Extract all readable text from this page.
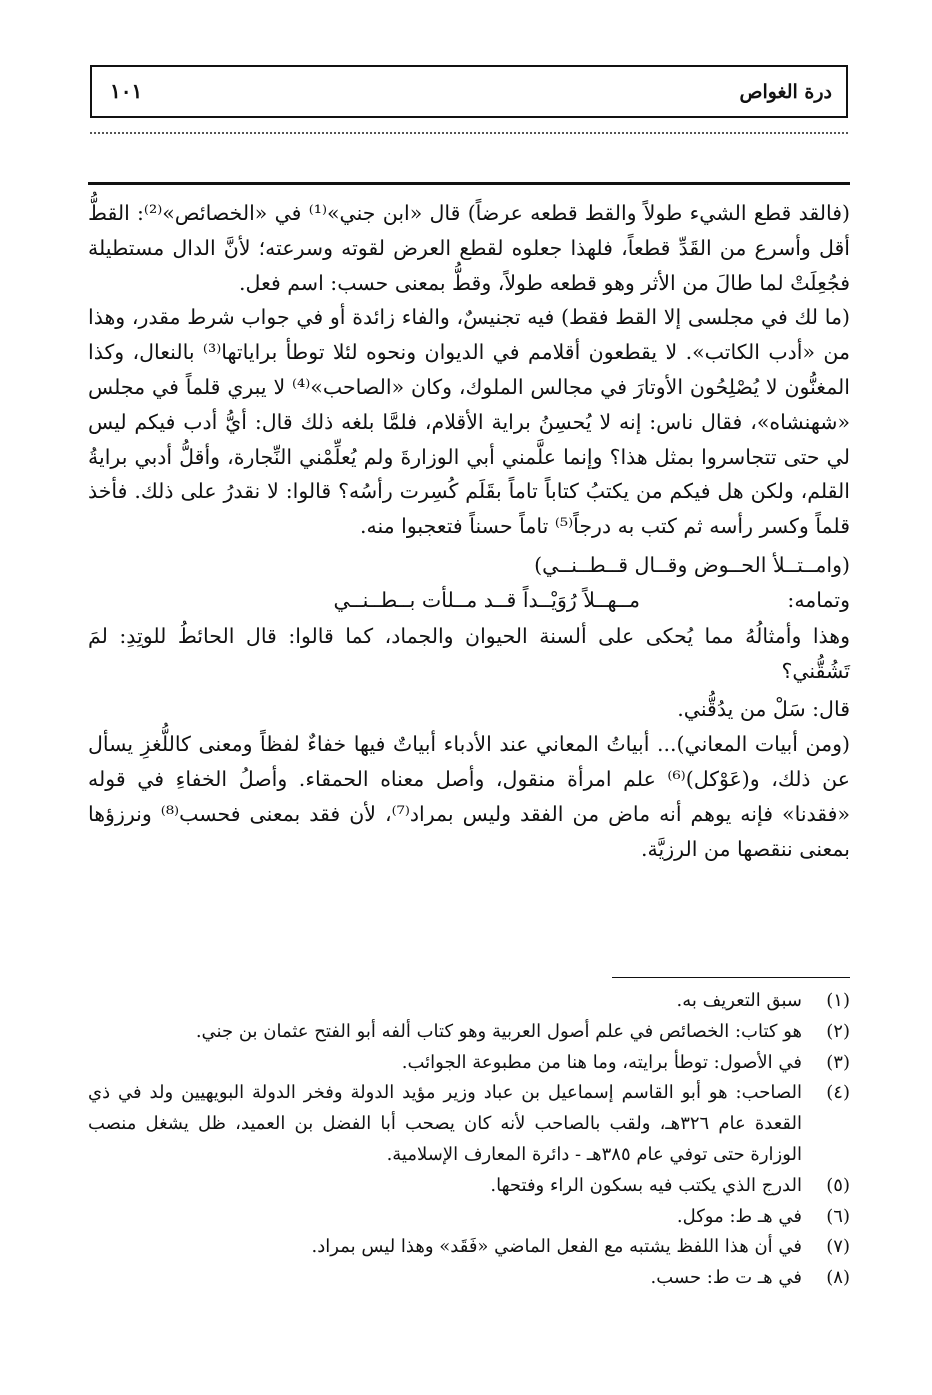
درة الغواص
١٠١

(فالقد قطع الشيء طولاً والقط قطعه عرضاً) قال «ابن جني»⁽¹⁾ في «الخصائص»⁽²⁾: القطُّ أقل وأسرع من القَدِّ قطعاً، فلهذا جعلوه لقطع العرض لقوته وسرعته؛ لأنَّ الدال مستطيلة فجُعِلَتْ لما طالَ من الأثر وهو قطعه طولاً، وقطُّ بمعنى حسب: اسم فعل.

(ما لك في مجلسى إلا القط فقط) فيه تجنيسٌ، والفاء زائدة أو في جواب شرط مقدر، وهذا من «أدب الكاتب». لا يقطعون أقلامم في الديوان ونحوه لئلا توطأ براياتها⁽³⁾ بالنعال، وكذا المغنُّون لا يُصْلِحُون الأوتارَ في مجالس الملوك، وكان «الصاحب»⁽⁴⁾ لا يبري قلماً في مجلس «شهنشاه»، فقال ناس: إنه لا يُحسِنُ براية الأقلام، فلمَّا بلغه ذلك قال: أيُّ أدب فيكم ليس لي حتى تتجاسروا بمثل هذا؟ وإنما علَّمني أبي الوزارةَ ولم يُعلِّمْني النِّجارة، وأقلُّ أدبي برايةُ القلم، ولكن هل فيكم من يكتبُ كتاباً تاماً بقَلَم كُسِرت رأسُه؟ قالوا: لا نقدرُ على ذلك. فأخذ قلماً وكسر رأسه ثم كتب به درجاً⁽⁵⁾ تاماً حسناً فتعجبوا منه.

(وامــتــلأ الحــوض وقــال قــطــنــي)

وتمامه:
مــهــلاً رُوَيْــداً قــد مــلأت بــطــنــي

وهذا وأمثالُهُ مما يُحكى على ألسنة الحيوان والجماد، كما قالوا: قال الحائطُ للوتِدِ: لمَ تَشُقُّني؟

قال: سَلْ من يدُقُّني.

(ومن أبيات المعاني)... أبياتُ المعاني عند الأدباء أبياتٌ فيها خفاءٌ لفظاً ومعنى كاللُّغزِ يسأل عن ذلك، و(عَوْكل)⁽⁶⁾ علم امرأة منقول، وأصل معناه الحمقاء. وأصلُ الخفاءِ في قوله «فقدنا» فإنه يوهم أنه ماض من الفقد وليس بمراد⁽⁷⁾، لأن فقد بمعنى فحسب⁽⁸⁾ ونرزؤها بمعنى ننقصها من الرزيَّة.

(١)
سبق التعريف به.
(٢)
هو كتاب: الخصائص في علم أصول العربية وهو كتاب ألفه أبو الفتح عثمان بن جني.
(٣)
في الأصول: توطأ برايته، وما هنا من مطبوعة الجوائب.
(٤)
الصاحب: هو أبو القاسم إسماعيل بن عباد وزير مؤيد الدولة وفخر الدولة البويهيين ولد في ذي القعدة عام ٣٢٦هـ، ولقب بالصاحب لأنه كان يصحب أبا الفضل بن العميد، ظل يشغل منصب الوزارة حتى توفي عام ٣٨٥هـ - دائرة المعارف الإسلامية.
(٥)
الدرج الذي يكتب فيه بسكون الراء وفتحها.
(٦)
في هـ ط: موكل.
(٧)
في أن هذا اللفظ يشتبه مع الفعل الماضي «فَقَد» وهذا ليس بمراد.
(٨)
في هـ ت ط: حسب.
